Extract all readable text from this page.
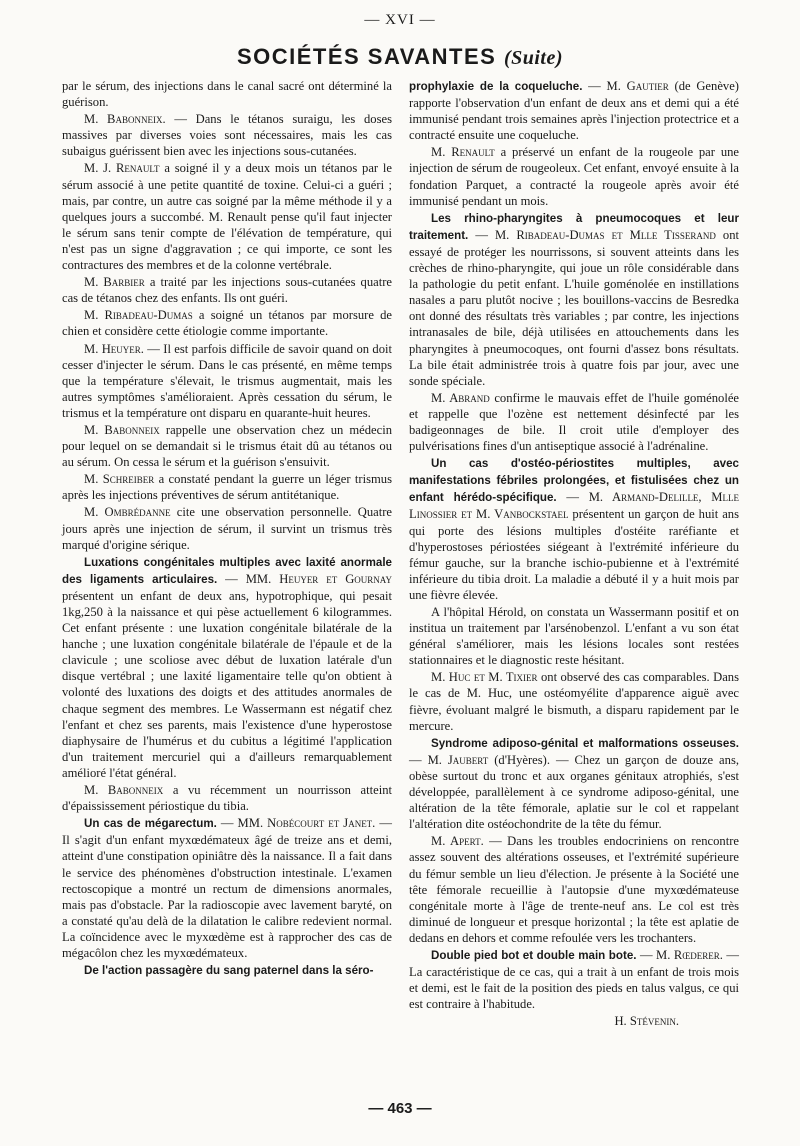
— XVI —
SOCIÉTÉS SAVANTES (Suite)

par le sérum, des injections dans le canal sacré ont déterminé la guérison.

M. Babonneix. — Dans le tétanos suraigu, les doses massives par diverses voies sont nécessaires, mais les cas subaigus guérissent bien avec les injections sous-cutanées.

M. J. Renault a soigné il y a deux mois un tétanos par le sérum associé à une petite quantité de toxine. Celui-ci a guéri ; mais, par contre, un autre cas soigné par la même méthode il y a quelques jours a succombé. M. Renault pense qu'il faut injecter le sérum sans tenir compte de l'élévation de température, qui n'est pas un signe d'aggravation ; ce qui importe, ce sont les contractures des membres et de la colonne vertébrale.

M. Barbier a traité par les injections sous-cutanées quatre cas de tétanos chez des enfants. Ils ont guéri.

M. Ribadeau-Dumas a soigné un tétanos par morsure de chien et considère cette étiologie comme importante.

M. Heuyer. — Il est parfois difficile de savoir quand on doit cesser d'injecter le sérum. Dans le cas présenté, en même temps que la température s'élevait, le trismus augmentait, mais les autres symptômes s'amélioraient. Après cessation du sérum, le trismus et la température ont disparu en quarante-huit heures.

M. Babonneix rappelle une observation chez un médecin pour lequel on se demandait si le trismus était dû au tétanos ou au sérum. On cessa le sérum et la guérison s'ensuivit.

M. Schreiber a constaté pendant la guerre un léger trismus après les injections préventives de sérum antitétanique.

M. Ombrédanne cite une observation personnelle. Quatre jours après une injection de sérum, il survint un trismus très marqué d'origine sérique.

Luxations congénitales multiples avec laxité anormale des ligaments articulaires. — MM. Heuyer et Gournay présentent un enfant de deux ans, hypotrophique, qui pesait 1kg,250 à la naissance et qui pèse actuellement 6 kilogrammes. Cet enfant présente : une luxation congénitale bilatérale de la hanche ; une luxation congénitale bilatérale de l'épaule et de la clavicule ; une scoliose avec début de luxation latérale d'un disque vertébral ; une laxité ligamentaire telle qu'on obtient à volonté des luxations des doigts et des attitudes anormales de chaque segment des membres. Le Wassermann est négatif chez l'enfant et chez ses parents, mais l'existence d'une hyperostose diaphysaire de l'humérus et du cubitus a légitimé l'application d'un traitement mercuriel qui a d'ailleurs remarquablement amélioré l'état général.

M. Babonneix a vu récemment un nourrisson atteint d'épaississement périostique du tibia.

Un cas de mégarectum. — MM. Nobécourt et Janet. — Il s'agit d'un enfant myxœdémateux âgé de treize ans et demi, atteint d'une constipation opiniâtre dès la naissance. Il a fait dans le service des phénomènes d'obstruction intestinale. L'examen rectoscopique a montré un rectum de dimensions anormales, mais pas d'obstacle. Par la radioscopie avec lavement baryté, on a constaté qu'au delà de la dilatation le calibre redevient normal. La coïncidence avec le myxœdème est à rapprocher des cas de mégacôlon chez les myxœdémateux.

De l'action passagère du sang paternel dans la séro-

prophylaxie de la coqueluche. — M. Gautier (de Genève) rapporte l'observation d'un enfant de deux ans et demi qui a été immunisé pendant trois semaines après l'injection protectrice et a contracté ensuite une coqueluche.

M. Renault a préservé un enfant de la rougeole par une injection de sérum de rougeoleux. Cet enfant, envoyé ensuite à la fondation Parquet, a contracté la rougeole après avoir été immunisé pendant un mois.

Les rhino-pharyngites à pneumocoques et leur traitement. — M. Ribadeau-Dumas et Mlle Tisserand ont essayé de protéger les nourrissons, si souvent atteints dans les crèches de rhino-pharyngite, qui joue un rôle considérable dans la pathologie du petit enfant. L'huile goménolée en instillations nasales a paru plutôt nocive ; les bouillons-vaccins de Besredka ont donné des résultats très variables ; par contre, les injections intranasales de bile, déjà utilisées en attouchements dans les pharyngites à pneumocoques, ont fourni d'assez bons résultats. La bile était administrée trois à quatre fois par jour, avec une sonde spéciale.

M. Abrand confirme le mauvais effet de l'huile goménolée et rappelle que l'ozène est nettement désinfecté par les badigeonnages de bile. Il croit utile d'employer des pulvérisations fines d'un antiseptique associé à l'adrénaline.

Un cas d'ostéo-périostites multiples, avec manifestations fébriles prolongées, et fistulisées chez un enfant hérédo-spécifique. — M. Armand-Delille, Mlle Linossier et M. Vanbockstael présentent un garçon de huit ans qui porte des lésions multiples d'ostéite raréfiante et d'hyperostoses périostées siégeant à l'extrémité inférieure du fémur gauche, sur la branche ischio-pubienne et à l'extrémité inférieure du tibia droit. La maladie a débuté il y a huit mois par une fièvre élevée.

A l'hôpital Hérold, on constata un Wassermann positif et on institua un traitement par l'arsénobenzol. L'enfant a vu son état général s'améliorer, mais les lésions locales sont restées stationnaires et le diagnostic reste hésitant.

M. Huc et M. Tixier ont observé des cas comparables. Dans le cas de M. Huc, une ostéomyélite d'apparence aiguë avec fièvre, évoluant malgré le bismuth, a disparu rapidement par le mercure.

Syndrome adiposo-génital et malformations osseuses. — M. Jaubert (d'Hyères). — Chez un garçon de douze ans, obèse surtout du tronc et aux organes génitaux atrophiés, s'est développée, parallèlement à ce syndrome adiposo-génital, une altération de la tête fémorale, aplatie sur le col et rappelant l'altération dite ostéochondrite de la tête du fémur.

M. Apert. — Dans les troubles endocriniens on rencontre assez souvent des altérations osseuses, et l'extrémité supérieure du fémur semble un lieu d'élection. Je présente à la Société une tête fémorale recueillie à l'autopsie d'une myxœdémateuse congénitale morte à l'âge de trente-neuf ans. Le col est très diminué de longueur et presque horizontal ; la tête est aplatie de dedans en dehors et comme refoulée vers les trochanters.

Double pied bot et double main bote. — M. Rœderer. — La caractéristique de ce cas, qui a trait à un enfant de trois mois et demi, est le fait de la position des pieds en talus valgus, ce qui est contraire à l'habitude.

H. Stévenin.

— 463 —
